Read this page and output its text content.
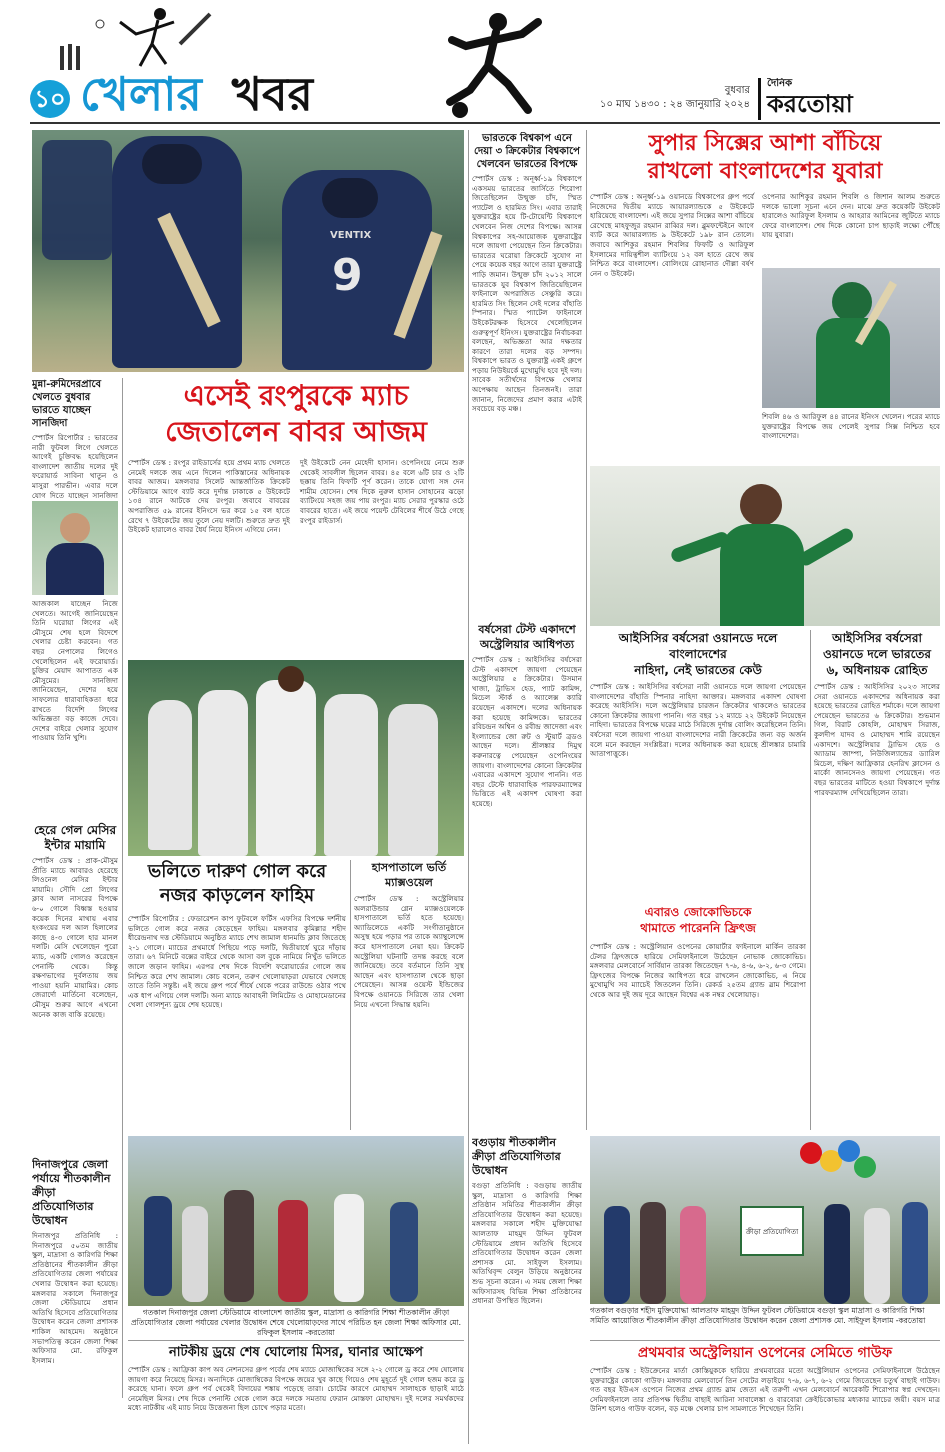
১০ খেলার খবর	বুধবার
১০ মাঘ ১৪৩০ : ২৪ জানুয়ারি ২০২৪
দৈনিক
করতোয়া
VENTIX
9
মুন্না-রুমিদেরপ্রাবে খেলতে বুধবার ভারতে যাচ্ছেন সানজিদা
স্পোর্টস রিপোর্টার : ভারতের নারী ফুটবল লিগে খেলতে আগেই চুক্তিবদ্ধ হয়েছিলেন বাংলাদেশ জাতীয় দলের দুই ফরোয়ার্ড সাবিনা খাতুন ও মাসুরা পারভীন। এবার দলে যোগ দিতে যাচ্ছেন সানজিদা
আজকাল যাচ্ছেন নিজে খেলতে। আগেই জানিয়েছেন তিনি ঘরোয়া লিগের এই মৌসুমে শেষ হলে বিদেশে খেলার চেষ্টা করবেন। গত বছর নেপালের লিগেও খেলেছিলেন এই ফরোয়ার্ড। চুক্তির মেয়াদ আপাতত এক মৌসুমের। সানজিদা জানিয়েছেন, দেশের হয়ে সাফল্যের ধারাবাহিকতা ধরে রাখতে বিদেশি লিগের অভিজ্ঞতা বড় কাজে দেবে। দেশের বাইরে খেলার সুযোগ পাওয়ায় তিনি খুশি।
হেরে গেল মেসির ইন্টার মায়ামি
স্পোর্টস ডেস্ক : প্রাক-মৌসুম প্রীতি ম্যাচে আবারও হেরেছে লিওনেল মেসির ইন্টার মায়ামি। সৌদি প্রো লিগের ক্লাব আল নাসরের বিপক্ষে ৬-০ গোলে বিধ্বস্ত হওয়ার কয়েক দিনের মাথায় এবার হংকংয়ের দল আল হিলালের কাছে ৪-৩ গোলে হার মানল দলটি। মেসি খেলেছেন পুরো ম্যাচ, একটি গোলও করেছেন পেনাল্টি থেকে। কিন্তু রক্ষণভাগের দুর্বলতায় জয় পাওয়া হয়নি মায়ামির। কোচ জেরার্দো মার্তিনো বলেছেন, মৌসুম শুরুর আগে এখনো অনেক কাজ বাকি রয়েছে।
দিনাজপুরে জেলা পর্যায়ে শীতকালীন ক্রীড়া প্রতিযোগিতার উদ্বোধন
দিনাজপুর প্রতিনিধি : দিনাজপুরে ৫০তম জাতীয় স্কুল, মাদ্রাসা ও কারিগরি শিক্ষা প্রতিষ্ঠানের শীতকালীন ক্রীড়া প্রতিযোগিতার জেলা পর্যায়ের খেলার উদ্বোধন করা হয়েছে। মঙ্গলবার সকালে দিনাজপুর জেলা স্টেডিয়ামে প্রধান অতিথি হিসেবে প্রতিযোগিতার উদ্বোধন করেন জেলা প্রশাসক শাকিল আহমেদ। অনুষ্ঠানে সভাপতিত্ব করেন জেলা শিক্ষা অফিসার মো. রফিকুল ইসলাম।
এসেই রংপুরকে ম্যাচ
জেতালেন বাবর আজম
স্পোর্টস ডেস্ক : রংপুর রাইডার্সের হয়ে প্রথম ম্যাচ খেলতে নেমেই দলকে জয় এনে দিলেন পাকিস্তানের অধিনায়ক বাবর আজম। মঙ্গলবার সিলেট আন্তর্জাতিক ক্রিকেট স্টেডিয়ামে আগে ব্যাট করে দুর্দান্ত ঢাকাকে ৫ উইকেটে ১৩৪ রানে আটকে দেয় রংপুর। জবাবে বাবরের অপরাজিত ৫৯ রানের ইনিংসে ভর করে ১৫ বল হাতে রেখে ৭ উইকেটের জয় তুলে নেয় দলটি। শুরুতে দ্রুত দুই উইকেট হারালেও বাবর ধৈর্য নিয়ে ইনিংস এগিয়ে নেন।
দুই উইকেটে নেন মেহেদী হাসান। ওপেনিংয়ে নেমে শুরু থেকেই সাবলীল ছিলেন বাবর। ৪৫ বলে ৬টি চার ও ২টি ছক্কায় তিনি ফিফটি পূর্ণ করেন। তাকে যোগ্য সঙ্গ দেন শামীম হোসেন। শেষ দিকে নুরুল হাসান সোহানের ঝড়ো ব্যাটিংয়ে সহজ জয় পায় রংপুর। ম্যাচ সেরার পুরস্কার ওঠে বাবরের হাতে। এই জয়ে পয়েন্ট টেবিলের শীর্ষে উঠে গেছে রংপুর রাইডার্স।
ভলিতে দারুণ গোল করে
নজর কাড়লেন ফাহিম
স্পোর্টস রিপোর্টার : ফেডারেশন কাপ ফুটবলে ফর্টিস এফসির বিপক্ষে দর্শনীয় ভলিতে গোল করে নজর কেড়েছেন ফাহিম। মঙ্গলবার কুমিল্লার শহীদ ধীরেন্দ্রনাথ দত্ত স্টেডিয়ামে অনুষ্ঠিত ম্যাচে শেখ জামাল ধানমন্ডি ক্লাব জিতেছে ২-১ গোলে। ম্যাচের প্রথমার্ধে পিছিয়ে পড়ে দলটি, দ্বিতীয়ার্ধে ঘুরে দাঁড়ায় তারা। ৬৭ মিনিটে বক্সের বাইরে থেকে আসা বল বুকে নামিয়ে নিখুঁত ভলিতে জালে জড়ান ফাহিম। এরপর শেষ দিকে বিদেশি ফরোয়ার্ডের গোলে জয় নিশ্চিত করে শেখ জামাল। কোচ বলেন, তরুণ খেলোয়াড়রা যেভাবে খেলছে তাতে তিনি সন্তুষ্ট। এই জয়ে গ্রুপ পর্বে শীর্ষে থেকে পরের রাউন্ডে ওঠার পথে এক ধাপ এগিয়ে গেল দলটি। অন্য ম্যাচে আবাহনী লিমিটেড ও মোহামেডানের খেলা গোলশূন্য ড্রয়ে শেষ হয়েছে।
হাসপাতালে ভর্তি ম্যাক্সওয়েল
স্পোর্টস ডেস্ক : অস্ট্রেলিয়ার অলরাউন্ডার গ্লেন ম্যাক্সওয়েলকে হাসপাতালে ভর্তি হতে হয়েছে। অ্যাডিলেডে একটি সংগীতানুষ্ঠানে অসুস্থ হয়ে পড়ার পর তাকে অ্যাম্বুলেন্সে করে হাসপাতালে নেয়া হয়। ক্রিকেট অস্ট্রেলিয়া ঘটনাটি তদন্ত করছে বলে জানিয়েছে। তবে বর্তমানে তিনি সুস্থ আছেন এবং হাসপাতাল থেকে ছাড়া পেয়েছেন। আসন্ন ওয়েস্ট ইন্ডিজের বিপক্ষে ওয়ানডে সিরিজে তার খেলা নিয়ে এখনো সিদ্ধান্ত হয়নি।
গতকাল দিনাজপুর জেলা স্টেডিয়ামে বাংলাদেশ জাতীয় স্কুল, মাদ্রাসা ও কারিগরি শিক্ষা শীতকালীন ক্রীড়া প্রতিযোগিতার জেলা পর্যায়ের খেলার উদ্বোধন শেষে খেলোয়াড়দের সাথে পরিচিত হন জেলা শিক্ষা অফিসার মো. রফিকুল ইসলাম -করতোয়া
নাটকীয় ড্রয়ে শেষ ঘোলোয় মিসর, ঘানার আক্ষেপ
স্পোর্টস ডেস্ক : আফ্রিকা কাপ অব নেশনসের গ্রুপ পর্বের শেষ ম্যাচে মোজাম্বিকের সঙ্গে ২-২ গোলে ড্র করে শেষ ষোলোয় জায়গা করে নিয়েছে মিসর। অন্যদিকে মোজাম্বিকের বিপক্ষে জয়ের খুব কাছে গিয়েও শেষ মুহূর্তে দুই গোল হজম করে ড্র করেছে ঘানা। ফলে গ্রুপ পর্ব থেকেই বিদায়ের শঙ্কায় পড়েছে তারা। চোটের কারণে মোহাম্মদ সালাহকে ছাড়াই মাঠে নেমেছিল মিসর। শেষ দিকে পেনাল্টি থেকে গোল করে দলকে সমতায় ফেরান মোস্তফা মোহাম্মদ। দুই দলের সমর্থকদের মধ্যে নাটকীয় এই ম্যাচ নিয়ে উত্তেজনা ছিল চোখে পড়ার মতো।
ভারতকে বিশ্বকাপ এনে দেয়া ৩ ক্রিকেটার বিশ্বকাপে খেলবেন ভারতের বিপক্ষে
স্পোর্টস ডেস্ক : অনূর্ধ্ব-১৯ বিশ্বকাপে একসময় ভারতের জার্সিতে শিরোপা জিতেছিলেন উন্মুক্ত চাঁদ, স্মিত প্যাটেল ও হারমিত সিং। এবার তারাই যুক্তরাষ্ট্রের হয়ে টি-টোয়েন্টি বিশ্বকাপে খেলবেন নিজ দেশের বিপক্ষে। আসন্ন বিশ্বকাপের সহ-আয়োজক যুক্তরাষ্ট্রের দলে জায়গা পেয়েছেন তিন ক্রিকেটার। ভারতের ঘরোয়া ক্রিকেটে সুযোগ না পেয়ে কয়েক বছর আগে তারা যুক্তরাষ্ট্রে পাড়ি জমান। উন্মুক্ত চাঁদ ২০১২ সালে ভারতকে যুব বিশ্বকাপ জিতিয়েছিলেন ফাইনালে অপরাজিত সেঞ্চুরি করে। হারমিত সিং ছিলেন সেই দলের বাঁহাতি স্পিনার। স্মিত প্যাটেল ফাইনালে উইকেটরক্ষক হিসেবে খেলেছিলেন গুরুত্বপূর্ণ ইনিংস। যুক্তরাষ্ট্রের নির্বাচকরা বলছেন, অভিজ্ঞতা আর দক্ষতার কারণে তারা দলের বড় সম্পদ। বিশ্বকাপে ভারত ও যুক্তরাষ্ট্র একই গ্রুপে পড়ায় নিউইয়র্কে মুখোমুখি হবে দুই দল। সাবেক সতীর্থদের বিপক্ষে খেলার অপেক্ষায় আছেন তিনজনই। তারা জানান, নিজেদের প্রমাণ করার এটাই সবচেয়ে বড় মঞ্চ।
বর্ষসেরা টেস্ট একাদশে অস্ট্রেলিয়ার আধিপত্য
স্পোর্টস ডেস্ক : আইসিসির বর্ষসেরা টেস্ট একাদশে জায়গা পেয়েছেন অস্ট্রেলিয়ার ৫ ক্রিকেটার। উসমান খাজা, ট্রাভিস হেড, প্যাট কামিন্স, মিচেল স্টার্ক ও অ্যালেক্স ক্যারি রয়েছেন একাদশে। দলের অধিনায়ক করা হয়েছে কামিন্সকে। ভারতের রবিচন্দ্রন অশ্বিন ও রবীন্দ্র জাদেজা এবং ইংল্যান্ডের জো রুট ও স্টুয়ার্ট ব্রডও আছেন দলে। শ্রীলঙ্কার দিমুথ করুনারত্নে পেয়েছেন ওপেনিংয়ের জায়গা। বাংলাদেশের কোনো ক্রিকেটার এবারের একাদশে সুযোগ পাননি। গত বছর টেস্টে ধারাবাহিক পারফরম্যান্সের ভিত্তিতে এই একাদশ ঘোষণা করা হয়েছে।
বগুড়ায় শীতকালীন ক্রীড়া প্রতিযোগিতার উদ্বোধন
বগুড়া প্রতিনিধি : বগুড়ায় জাতীয় স্কুল, মাদ্রাসা ও কারিগরি শিক্ষা প্রতিষ্ঠান সমিতির শীতকালীন ক্রীড়া প্রতিযোগিতার উদ্বোধন করা হয়েছে। মঙ্গলবার সকালে শহীদ মুক্তিযোদ্ধা আলতাফ মাহমুদ উদ্দিন ফুটবল স্টেডিয়ামে প্রধান অতিথি হিসেবে প্রতিযোগিতার উদ্বোধন করেন জেলা প্রশাসক মো. সাইফুল ইসলাম। অতিথিবৃন্দ বেলুন উড়িয়ে অনুষ্ঠানের শুভ সূচনা করেন। এ সময় জেলা শিক্ষা অফিসারসহ বিভিন্ন শিক্ষা প্রতিষ্ঠানের প্রধানরা উপস্থিত ছিলেন।
সুপার সিক্সের আশা বাঁচিয়ে
রাখলো বাংলাদেশের যুবারা
স্পোর্টস ডেস্ক : অনূর্ধ্ব-১৯ ওয়ানডে বিশ্বকাপের গ্রুপ পর্বে নিজেদের দ্বিতীয় ম্যাচে আয়ারল্যান্ডকে ৫ উইকেটে হারিয়েছে বাংলাদেশ। এই জয়ে সুপার সিক্সের আশা বাঁচিয়ে রেখেছে মাহফুজুর রহমান রাব্বির দল। ব্লুমফন্টেইনে আগে ব্যাট করে আয়ারল্যান্ড ৯ উইকেটে ১৯৮ রান তোলে। জবাবে আশিকুর রহমান শিবলির ফিফটি ও আরিফুল ইসলামের দায়িত্বশীল ব্যাটিংয়ে ১২ বল হাতে রেখে জয় নিশ্চিত করে বাংলাদেশ। বোলিংয়ে রোহানাত দৌল্লা বর্ষণ নেন ৩ উইকেট।
ওপেনার আশিকুর রহমান শিবলি ও জিশান আলম শুরুতে দলকে ভালো সূচনা এনে দেন। মাঝে দ্রুত কয়েকটি উইকেট হারালেও আরিফুল ইসলাম ও আহরার আমিনের জুটিতে ম্যাচে ফেরে বাংলাদেশ। শেষ দিকে কোনো চাপ ছাড়াই লক্ষ্যে পৌঁছে যায় যুবারা।
শিবলি ৪৬ ও আরিফুল ৪৪ রানের ইনিংস খেলেন। পরের ম্যাচে যুক্তরাষ্ট্রের বিপক্ষে জয় পেলেই সুপার সিক্স নিশ্চিত হবে বাংলাদেশের।
আইসিসির বর্ষসেরা ওয়ানডে দলে বাংলাদেশের
নাহিদা, নেই ভারতের কেউ
স্পোর্টস ডেস্ক : আইসিসির বর্ষসেরা নারী ওয়ানডে দলে জায়গা পেয়েছেন বাংলাদেশের বাঁহাতি স্পিনার নাহিদা আক্তার। মঙ্গলবার একাদশ ঘোষণা করেছে আইসিসি। দলে অস্ট্রেলিয়ার চারজন ক্রিকেটার থাকলেও ভারতের কোনো ক্রিকেটার জায়গা পাননি। গত বছর ১২ ম্যাচে ২২ উইকেট নিয়েছেন নাহিদা। ভারতের বিপক্ষে ঘরের মাঠে সিরিজে দুর্দান্ত বোলিং করেছিলেন তিনি। বর্ষসেরা দলে জায়গা পাওয়া বাংলাদেশের নারী ক্রিকেটের জন্য বড় অর্জন বলে মনে করছেন সংশ্লিষ্টরা। দলের অধিনায়ক করা হয়েছে শ্রীলঙ্কার চামারি আতাপাত্তুকে।
আইসিসির বর্ষসেরা
ওয়ানডে দলে ভারতের
৬, অধিনায়ক রোহিত
স্পোর্টস ডেস্ক : আইসিসির ২০২৩ সালের সেরা ওয়ানডে একাদশের অধিনায়ক করা হয়েছে ভারতের রোহিত শর্মাকে। দলে জায়গা পেয়েছেন ভারতের ৬ ক্রিকেটার। শুভমান গিল, বিরাট কোহলি, মোহাম্মদ সিরাজ, কুলদীপ যাদব ও মোহাম্মদ শামি রয়েছেন একাদশে। অস্ট্রেলিয়ার ট্রাভিস হেড ও অ্যাডাম জাম্পা, নিউজিল্যান্ডের ড্যারিল মিচেল, দক্ষিণ আফ্রিকার হেনরিখ ক্লাসেন ও মার্কো জানসেনও জায়গা পেয়েছেন। গত বছর ভারতের মাটিতে হওয়া বিশ্বকাপে দুর্দান্ত পারফরম্যান্স দেখিয়েছিলেন তারা।
এবারও জোকোভিচকে
থামাতে পারেননি ফ্রিৎজ
স্পোর্টস ডেস্ক : অস্ট্রেলিয়ান ওপেনের কোয়ার্টার ফাইনালে মার্কিন তারকা টেলর ফ্রিৎজকে হারিয়ে সেমিফাইনালে উঠেছেন নোভাক জোকোভিচ। মঙ্গলবার মেলবোর্নে সার্বিয়ান তারকা জিতেছেন ৭-৬, ৪-৬, ৬-২, ৬-৩ গেমে। ফ্রিৎজের বিপক্ষে নিজের আধিপত্য ধরে রাখলেন জোকোভিচ, এ নিয়ে মুখোমুখি সব ম্যাচেই জিতলেন তিনি। রেকর্ড ২৫তম গ্র্যান্ড স্লাম শিরোপা থেকে আর দুই জয় দূরে আছেন বিশ্বের এক নম্বর খেলোয়াড়।
ক্রীড়া প্রতিযোগিতা
গতকাল বগুড়ার শহীদ মুক্তিযোদ্ধা আলতাফ মাহমুদ উদ্দিন ফুটবল স্টেডিয়ামে বগুড়া স্কুল মাদ্রাসা ও কারিগরি শিক্ষা সমিতি আয়োজিত শীতকালীন ক্রীড়া প্রতিযোগিতার উদ্বোধন করেন জেলা প্রশাসক মো. সাইফুল ইসলাম -করতোয়া
প্রথমবার অস্ট্রেলিয়ান ওপেনের সেমিতে গাউফ
স্পোর্টস ডেস্ক : ইউক্রেনের মার্তা কোস্তিয়ুককে হারিয়ে প্রথমবারের মতো অস্ট্রেলিয়ান ওপেনের সেমিফাইনালে উঠেছেন যুক্তরাষ্ট্রের কোকো গাউফ। মঙ্গলবার মেলবোর্নে তিন সেটের লড়াইয়ে ৭-৬, ৬-৭, ৬-২ গেমে জিতেছেন চতুর্থ বাছাই গাউফ। গত বছর ইউএস ওপেনে নিজের প্রথম গ্র্যান্ড স্লাম জেতা এই তরুণী এখন মেলবোর্নে আরেকটি শিরোপার স্বপ্ন দেখছেন। সেমিফাইনালে তার প্রতিপক্ষ দ্বিতীয় বাছাই আরিনা সাবালেঙ্কা ও বারবোরা ক্রেইচিকোভার মধ্যকার ম্যাচের জয়ী। বয়স মাত্র উনিশ হলেও গাউফ বলেন, বড় মঞ্চে খেলার চাপ সামলাতে শিখেছেন তিনি।
